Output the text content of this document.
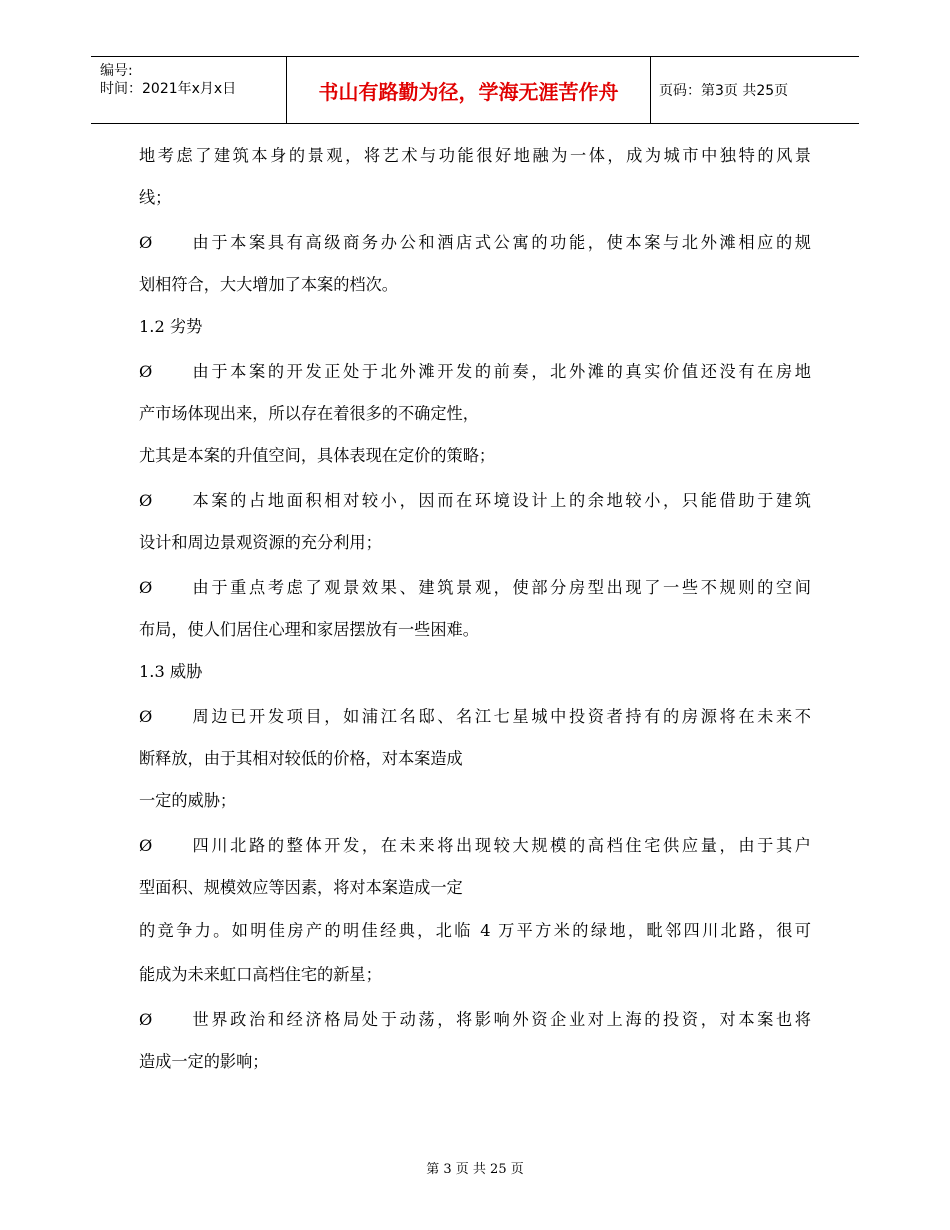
编号:
时间：2021年x月x日	书山有路勤为径，学海无涯苦作舟	页码：第3页 共25页
地考虑了建筑本身的景观，将艺术与功能很好地融为一体，成为城市中独特的风景
线；
Ø　　由于本案具有高级商务办公和酒店式公寓的功能，使本案与北外滩相应的规
划相符合，大大增加了本案的档次。
1.2 劣势
Ø　　由于本案的开发正处于北外滩开发的前奏，北外滩的真实价值还没有在房地
产市场体现出来，所以存在着很多的不确定性，
尤其是本案的升值空间，具体表现在定价的策略；
Ø　　本案的占地面积相对较小，因而在环境设计上的余地较小，只能借助于建筑
设计和周边景观资源的充分利用；
Ø　　由于重点考虑了观景效果、建筑景观，使部分房型出现了一些不规则的空间
布局，使人们居住心理和家居摆放有一些困难。
1.3 威胁
Ø　　周边已开发项目，如浦江名邸、名江七星城中投资者持有的房源将在未来不
断释放，由于其相对较低的价格，对本案造成
一定的威胁；
Ø　　四川北路的整体开发，在未来将出现较大规模的高档住宅供应量，由于其户
型面积、规模效应等因素，将对本案造成一定
的竞争力。如明佳房产的明佳经典，北临 4 万平方米的绿地，毗邻四川北路，很可
能成为未来虹口高档住宅的新星；
Ø　　世界政治和经济格局处于动荡，将影响外资企业对上海的投资，对本案也将
造成一定的影响；
第 3 页 共 25 页
